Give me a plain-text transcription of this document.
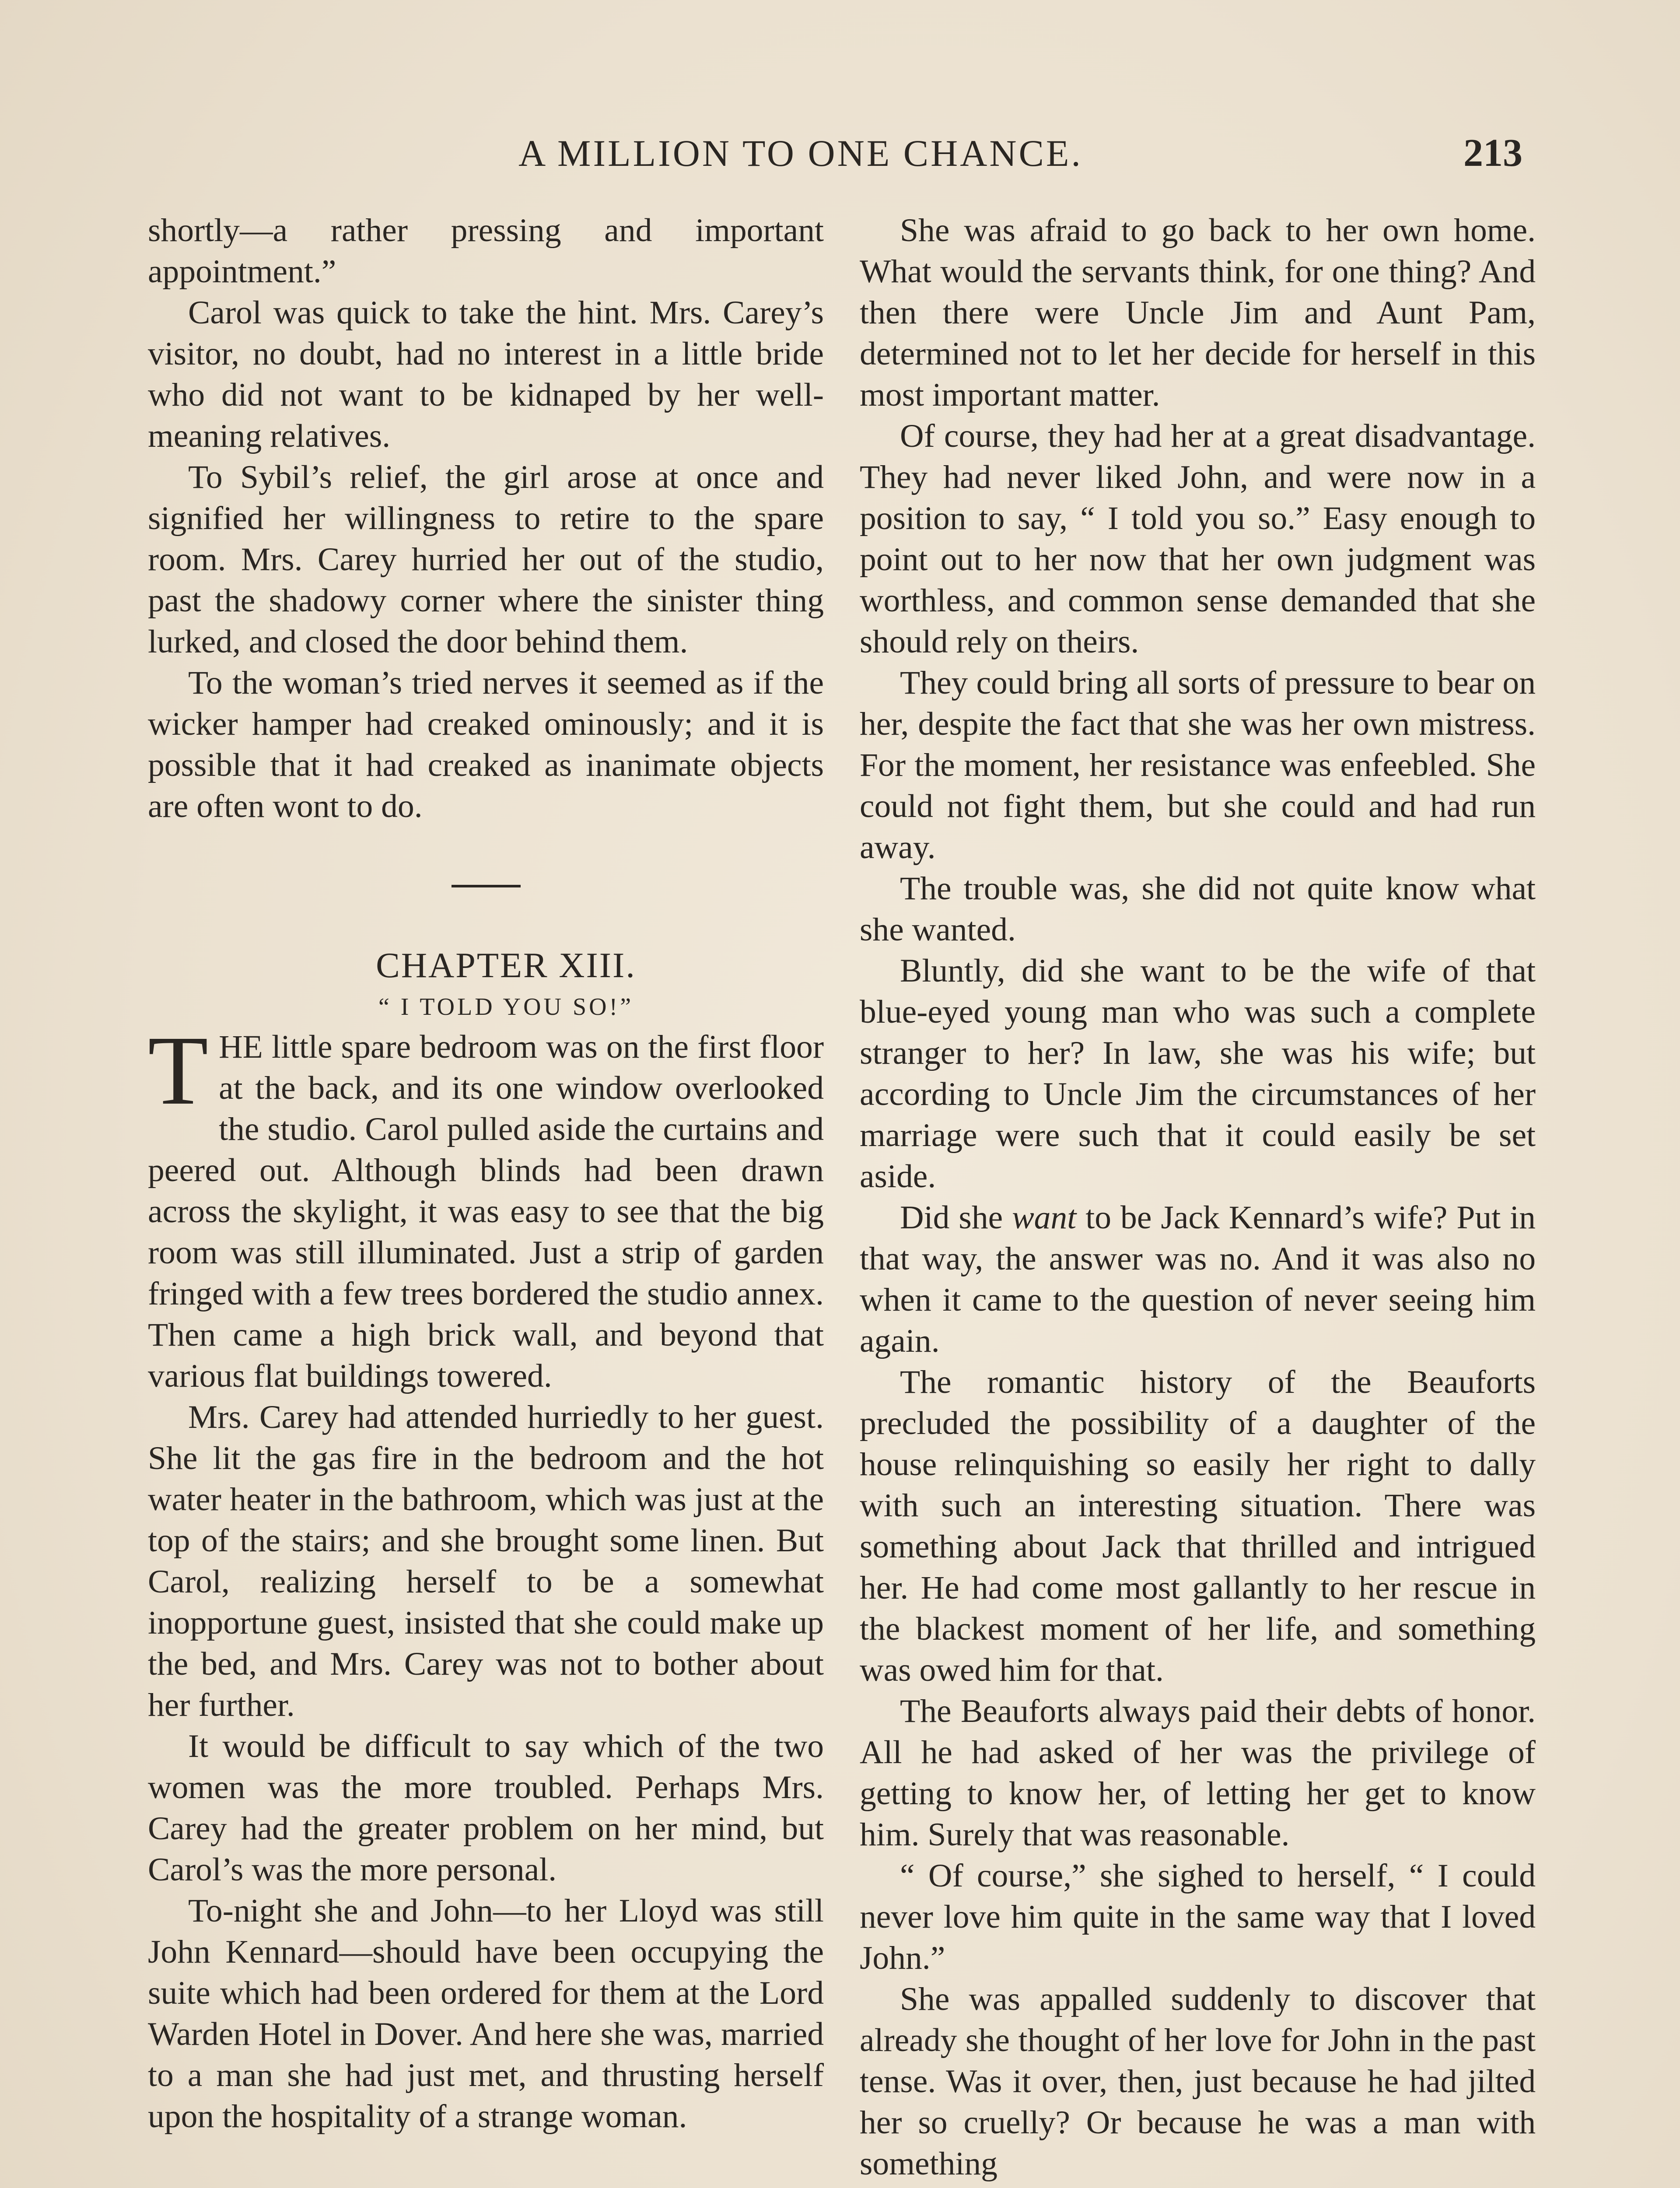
A MILLION TO ONE CHANCE.	213

shortly—a rather pressing and important appointment.”

Carol was quick to take the hint. Mrs. Carey’s visitor, no doubt, had no interest in a little bride who did not want to be kidnaped by her well-meaning relatives.

To Sybil’s relief, the girl arose at once and signified her willingness to retire to the spare room. Mrs. Carey hurried her out of the studio, past the shadowy corner where the sinister thing lurked, and closed the door behind them.

To the woman’s tried nerves it seemed as if the wicker hamper had creaked ominously; and it is possible that it had creaked as inanimate objects are often wont to do.

CHAPTER XIII.

“ I TOLD YOU SO!”

THE little spare bedroom was on the first floor at the back, and its one window overlooked the studio. Carol pulled aside the curtains and peered out. Although blinds had been drawn across the skylight, it was easy to see that the big room was still illuminated. Just a strip of garden fringed with a few trees bordered the studio annex. Then came a high brick wall, and beyond that various flat buildings towered.

Mrs. Carey had attended hurriedly to her guest. She lit the gas fire in the bedroom and the hot water heater in the bathroom, which was just at the top of the stairs; and she brought some linen. But Carol, realizing herself to be a somewhat inopportune guest, insisted that she could make up the bed, and Mrs. Carey was not to bother about her further.

It would be difficult to say which of the two women was the more troubled. Perhaps Mrs. Carey had the greater problem on her mind, but Carol’s was the more personal.

To-night she and John—to her Lloyd was still John Kennard—should have been occupying the suite which had been ordered for them at the Lord Warden Hotel in Dover. And here she was, married to a man she had just met, and thrusting herself upon the hospitality of a strange woman.

She was afraid to go back to her own home. What would the servants think, for one thing? And then there were Uncle Jim and Aunt Pam, determined not to let her decide for herself in this most important matter.

Of course, they had her at a great disadvantage. They had never liked John, and were now in a position to say, “ I told you so.” Easy enough to point out to her now that her own judgment was worthless, and common sense demanded that she should rely on theirs.

They could bring all sorts of pressure to bear on her, despite the fact that she was her own mistress. For the moment, her resistance was enfeebled. She could not fight them, but she could and had run away.

The trouble was, she did not quite know what she wanted.

Bluntly, did she want to be the wife of that blue-eyed young man who was such a complete stranger to her? In law, she was his wife; but according to Uncle Jim the circumstances of her marriage were such that it could easily be set aside.

Did she want to be Jack Kennard’s wife? Put in that way, the answer was no. And it was also no when it came to the question of never seeing him again.

The romantic history of the Beauforts precluded the possibility of a daughter of the house relinquishing so easily her right to dally with such an interesting situation. There was something about Jack that thrilled and intrigued her. He had come most gallantly to her rescue in the blackest moment of her life, and something was owed him for that.

The Beauforts always paid their debts of honor. All he had asked of her was the privilege of getting to know her, of letting her get to know him. Surely that was reasonable.

“ Of course,” she sighed to herself, “ I could never love him quite in the same way that I loved John.”

She was appalled suddenly to discover that already she thought of her love for John in the past tense. Was it over, then, just because he had jilted her so cruelly? Or because he was a man with something
